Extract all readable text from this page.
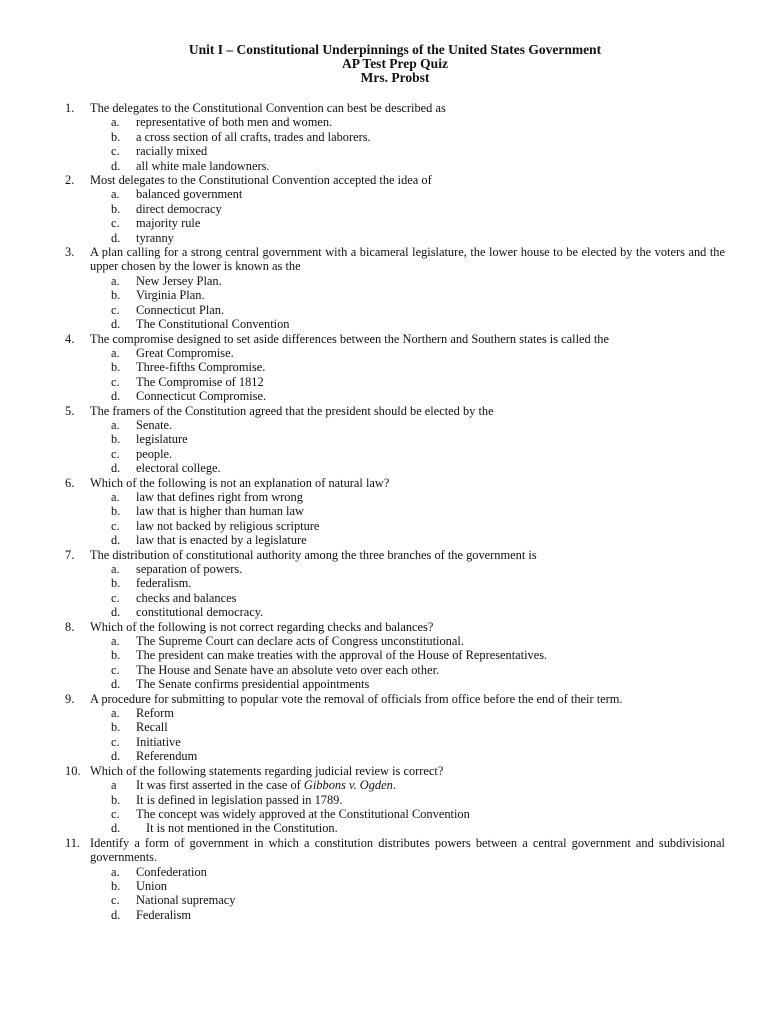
Unit I – Constitutional Underpinnings of the United States Government
AP Test Prep Quiz
Mrs. Probst
1.	The delegates to the Constitutional Convention can best be described as
a. representative of both men and women.
b. a cross section of all crafts, trades and laborers.
c. racially mixed
d. all white male landowners.
2.	Most delegates to the Constitutional Convention accepted the idea of
a. balanced government
b. direct democracy
c. majority rule
d. tyranny
3.	A plan calling for a strong central government with a bicameral legislature, the lower house to be elected by the voters and the upper chosen by the lower is known as the
a. New Jersey Plan.
b. Virginia Plan.
c. Connecticut Plan.
d. The Constitutional Convention
4.	The compromise designed to set aside differences between the Northern and Southern states is called the
a. Great Compromise.
b. Three-fifths Compromise.
c. The Compromise of 1812
d. Connecticut Compromise.
5.	The framers of the Constitution agreed that the president should be elected by the
a. Senate.
b. legislature
c. people.
d. electoral college.
6.	Which of the following is not an explanation of natural law?
a. law that defines right from wrong
b. law that is higher than human law
c. law not backed by religious scripture
d. law that is enacted by a legislature
7.	The distribution of constitutional authority among the three branches of the government is
a. separation of powers.
b. federalism.
c. checks and balances
d. constitutional democracy.
8.	Which of the following is not correct regarding checks and balances?
a. The Supreme Court can declare acts of Congress unconstitutional.
b. The president can make treaties with the approval of the House of Representatives.
c. The House and Senate have an absolute veto over each other.
d. The Senate confirms presidential appointments
9.	A procedure for submitting to popular vote the removal of officials from office before the end of their term.
a. Reform
b. Recall
c. Initiative
d. Referendum
10. Which of the following statements regarding judicial review is correct?
a It was first asserted in the case of Gibbons v. Ogden.
b. It is defined in legislation passed in 1789.
c. The concept was widely approved at the Constitutional Convention
d. It is not mentioned in the Constitution.
11. Identify a form of government in which a constitution distributes powers between a central government and subdivisional governments.
a. Confederation
b. Union
c. National supremacy
d. Federalism
